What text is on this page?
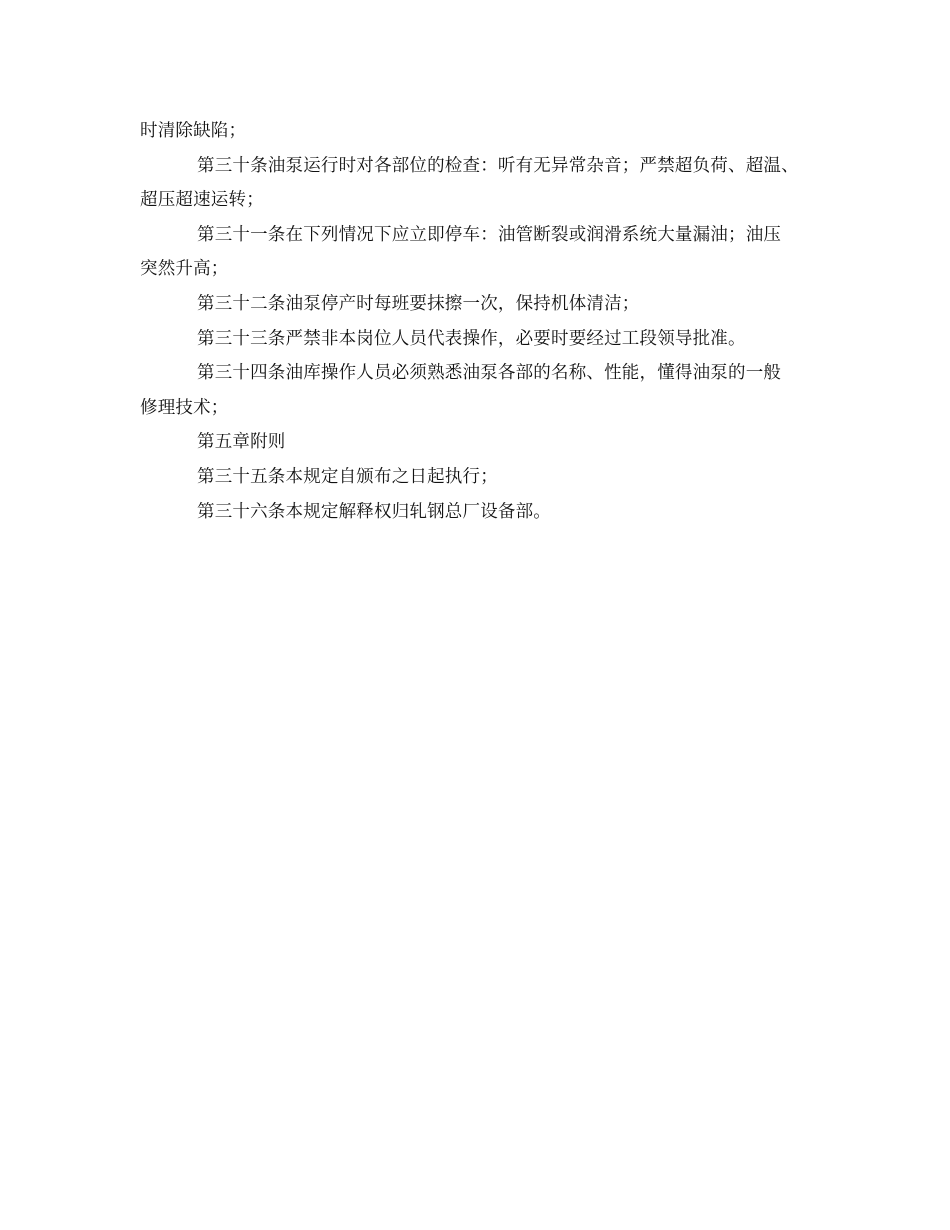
时清除缺陷；

第三十条油泵运行时对各部位的检查：听有无异常杂音；严禁超负荷、超温、
超压超速运转；

第三十一条在下列情况下应立即停车：油管断裂或润滑系统大量漏油；油压
突然升高；

第三十二条油泵停产时每班要抹擦一次，保持机体清洁；

第三十三条严禁非本岗位人员代表操作，必要时要经过工段领导批准。

第三十四条油库操作人员必须熟悉油泵各部的名称、性能，懂得油泵的一般
修理技术；

第五章附则

第三十五条本规定自颁布之日起执行；

第三十六条本规定解释权归轧钢总厂设备部。
